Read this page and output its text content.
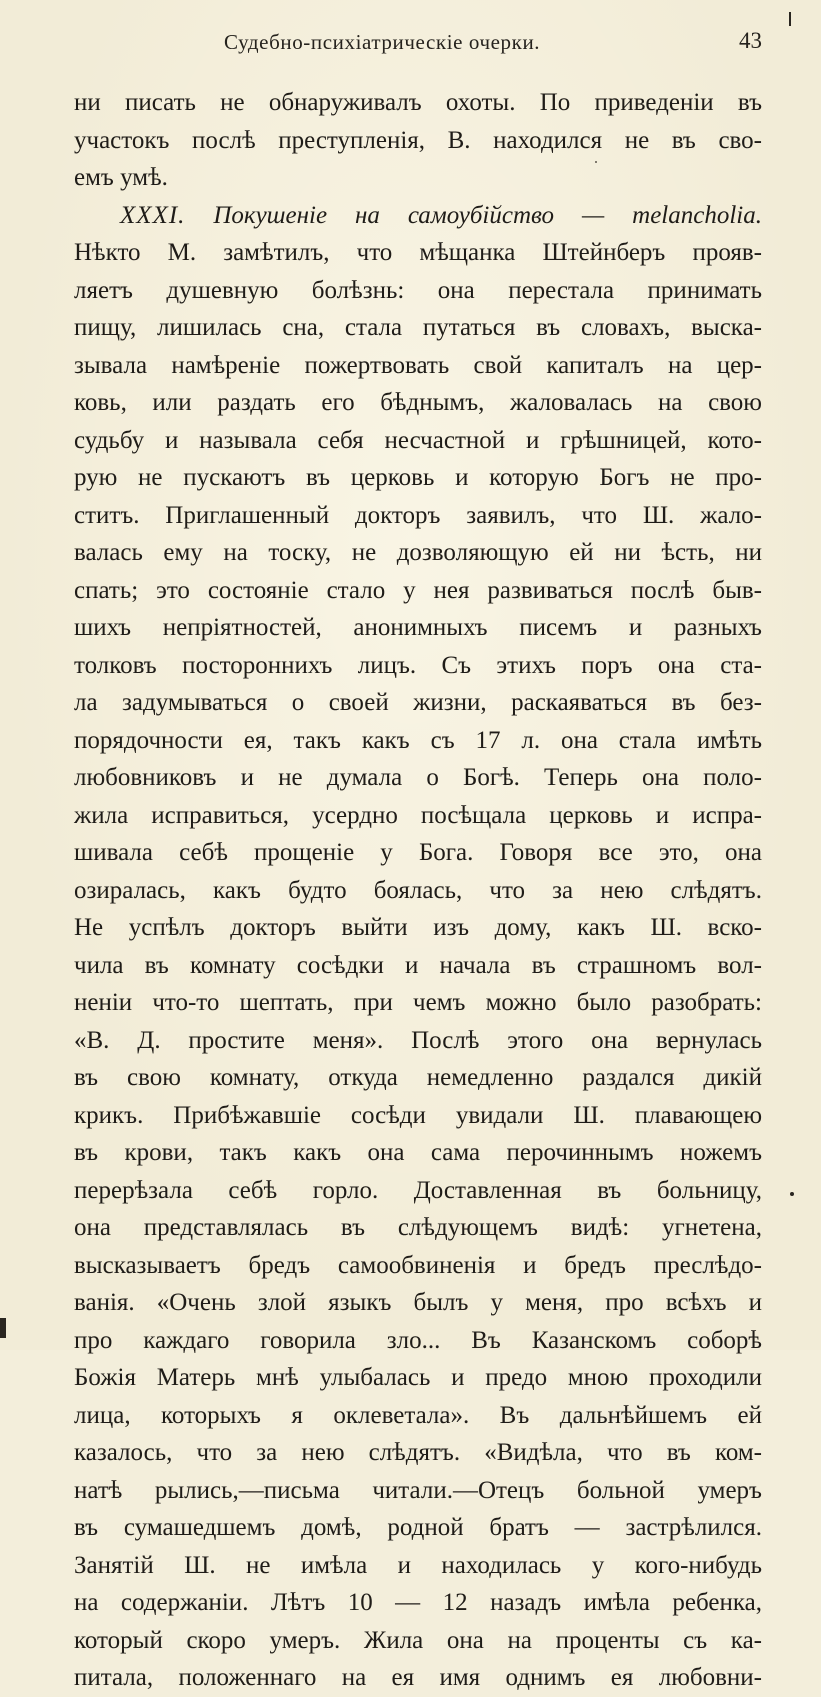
Судебно-психіатрическіе очерки.	43
ни писать не обнаруживалъ охоты. По приведеніи въ
участокъ послѣ преступленія, В. находился не въ сво-
емъ умѣ.
XXXI. Покушеніе на самоубійство — melancholia.
Нѣкто М. замѣтилъ, что мѣщанка Штейнберъ прояв-
ляетъ душевную болѣзнь: она перестала принимать
пищу, лишилась сна, стала путаться въ словахъ, выска-
зывала намѣреніе пожертвовать свой капиталъ на цер-
ковь, или раздать его бѣднымъ, жаловалась на свою
судьбу и называла себя несчастной и грѣшницей, кото-
рую не пускаютъ въ церковь и которую Богъ не про-
ститъ. Приглашенный докторъ заявилъ, что Ш. жало-
валась ему на тоску, не дозволяющую ей ни ѣсть, ни
спать; это состояніе стало у нея развиваться послѣ быв-
шихъ непріятностей, анонимныхъ писемъ и разныхъ
толковъ постороннихъ лицъ. Съ этихъ поръ она ста-
ла задумываться о своей жизни, раскаяваться въ без-
порядочности ея, такъ какъ съ 17 л. она стала имѣть
любовниковъ и не думала о Богѣ. Теперь она поло-
жила исправиться, усердно посѣщала церковь и испра-
шивала себѣ прощеніе у Бога. Говоря все это, она
озиралась, какъ будто боялась, что за нею слѣдятъ.
Не успѣлъ докторъ выйти изъ дому, какъ Ш. вско-
чила въ комнату сосѣдки и начала въ страшномъ вол-
неніи что-то шептать, при чемъ можно было разобрать:
«В. Д. простите меня». Послѣ этого она вернулась
въ свою комнату, откуда немедленно раздался дикій
крикъ. Прибѣжавшіе сосѣди увидали Ш. плавающею
въ крови, такъ какъ она сама перочиннымъ ножемъ
перерѣзала себѣ горло. Доставленная въ больницу,
она представлялась въ слѣдующемъ видѣ: угнетена,
высказываетъ бредъ самообвиненія и бредъ преслѣдо-
ванія. «Очень злой языкъ былъ у меня, про всѣхъ и
про каждаго говорила зло... Въ Казанскомъ соборѣ
Божія Матерь мнѣ улыбалась и предо мною проходили
лица, которыхъ я оклеветала». Въ дальнѣйшемъ ей
казалось, что за нею слѣдятъ. «Видѣла, что въ ком-
натѣ рылись,—письма читали.—Отецъ больной умеръ
въ сумашедшемъ домѣ, родной братъ — застрѣлился.
Занятій Ш. не имѣла и находилась у кого-нибудь
на содержаніи. Лѣтъ 10 — 12 назадъ имѣла ребенка,
который скоро умеръ. Жила она на проценты съ ка-
питала, положеннаго на ея имя однимъ ея любовни-
